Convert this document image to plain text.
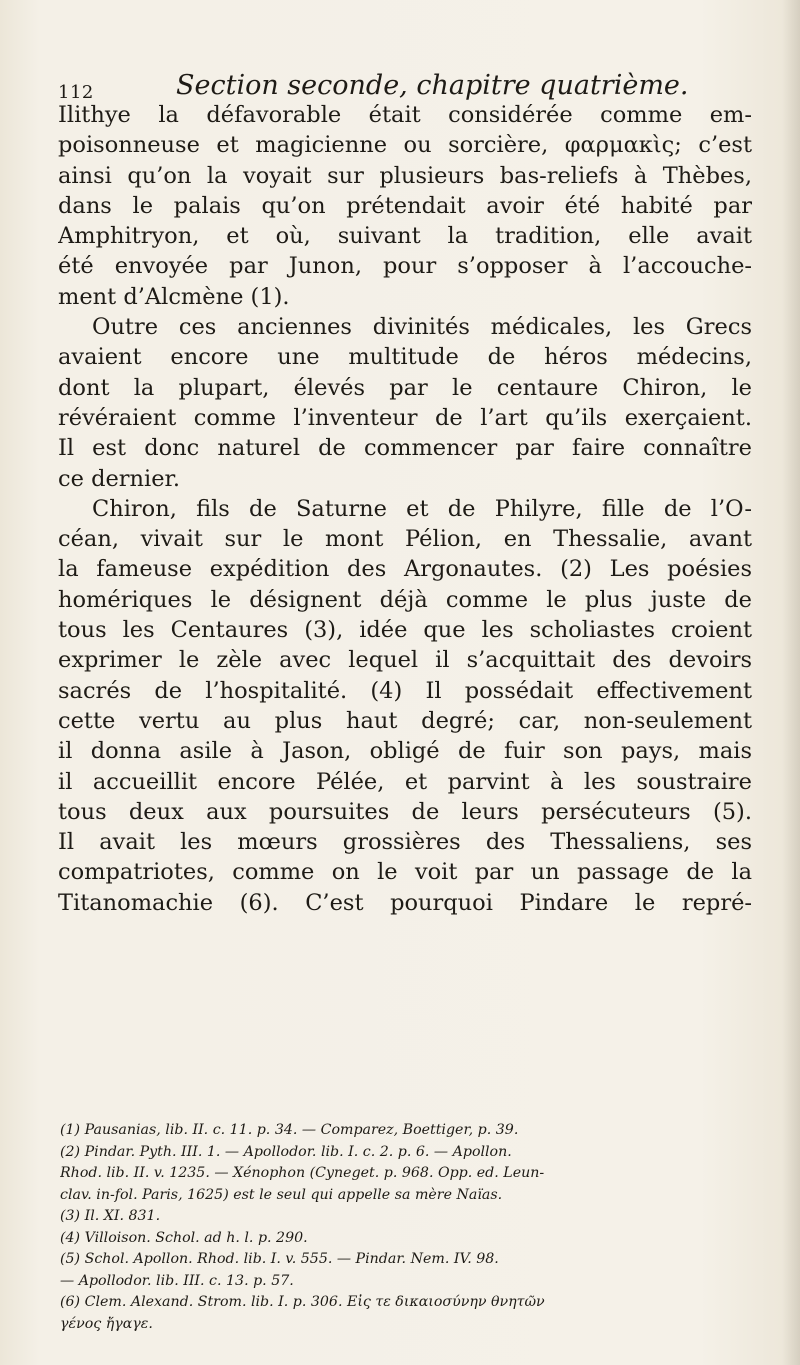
112	Section seconde, chapitre quatrième.
Ilithye la défavorable était considérée comme em-
poisonneuse et magicienne ou sorcière, φαρμακὶς; c’est
ainsi qu’on la voyait sur plusieurs bas-reliefs à Thèbes,
dans le palais qu’on prétendait avoir été habité par
Amphitryon, et où, suivant la tradition, elle avait
été envoyée par Junon, pour s’opposer à l’accouche-
ment d’Alcmène (1).
Outre ces anciennes divinités médicales, les Grecs
avaient encore une multitude de héros médecins,
dont la plupart, élevés par le centaure Chiron, le
révéraient comme l’inventeur de l’art qu’ils exerçaient.
Il est donc naturel de commencer par faire connaître
ce dernier.
Chiron, fils de Saturne et de Philyre, fille de l’O-
céan, vivait sur le mont Pélion, en Thessalie, avant
la fameuse expédition des Argonautes. (2) Les poésies
homériques le désignent déjà comme le plus juste de
tous les Centaures (3), idée que les scholiastes croient
exprimer le zèle avec lequel il s’acquittait des devoirs
sacrés de l’hospitalité. (4) Il possédait effectivement
cette vertu au plus haut degré; car, non-seulement
il donna asile à Jason, obligé de fuir son pays, mais
il accueillit encore Pélée, et parvint à les soustraire
tous deux aux poursuites de leurs persécuteurs (5).
Il avait les mœurs grossières des Thessaliens, ses
compatriotes, comme on le voit par un passage de la
Titanomachie (6). C’est pourquoi Pindare le repré-
(1) Pausanias, lib. II. c. 11. p. 34. — Comparez, Boettiger, p. 39.
(2) Pindar. Pyth. III. 1. — Apollodor. lib. I. c. 2. p. 6. — Apollon.
Rhod. lib. II. v. 1235. — Xénophon (Cyneget. p. 968. Opp. ed. Leun-
clav. in-fol. Paris, 1625) est le seul qui appelle sa mère Naïas.
(3) Il. XI. 831.
(4) Villoison. Schol. ad h. l. p. 290.
(5) Schol. Apollon. Rhod. lib. I. v. 555. — Pindar. Nem. IV. 98.
— Apollodor. lib. III. c. 13. p. 57.
(6) Clem. Alexand. Strom. lib. I. p. 306. Εἰς τε δικαιοσύνην θνητῶν
γένος ἤγαγε.
